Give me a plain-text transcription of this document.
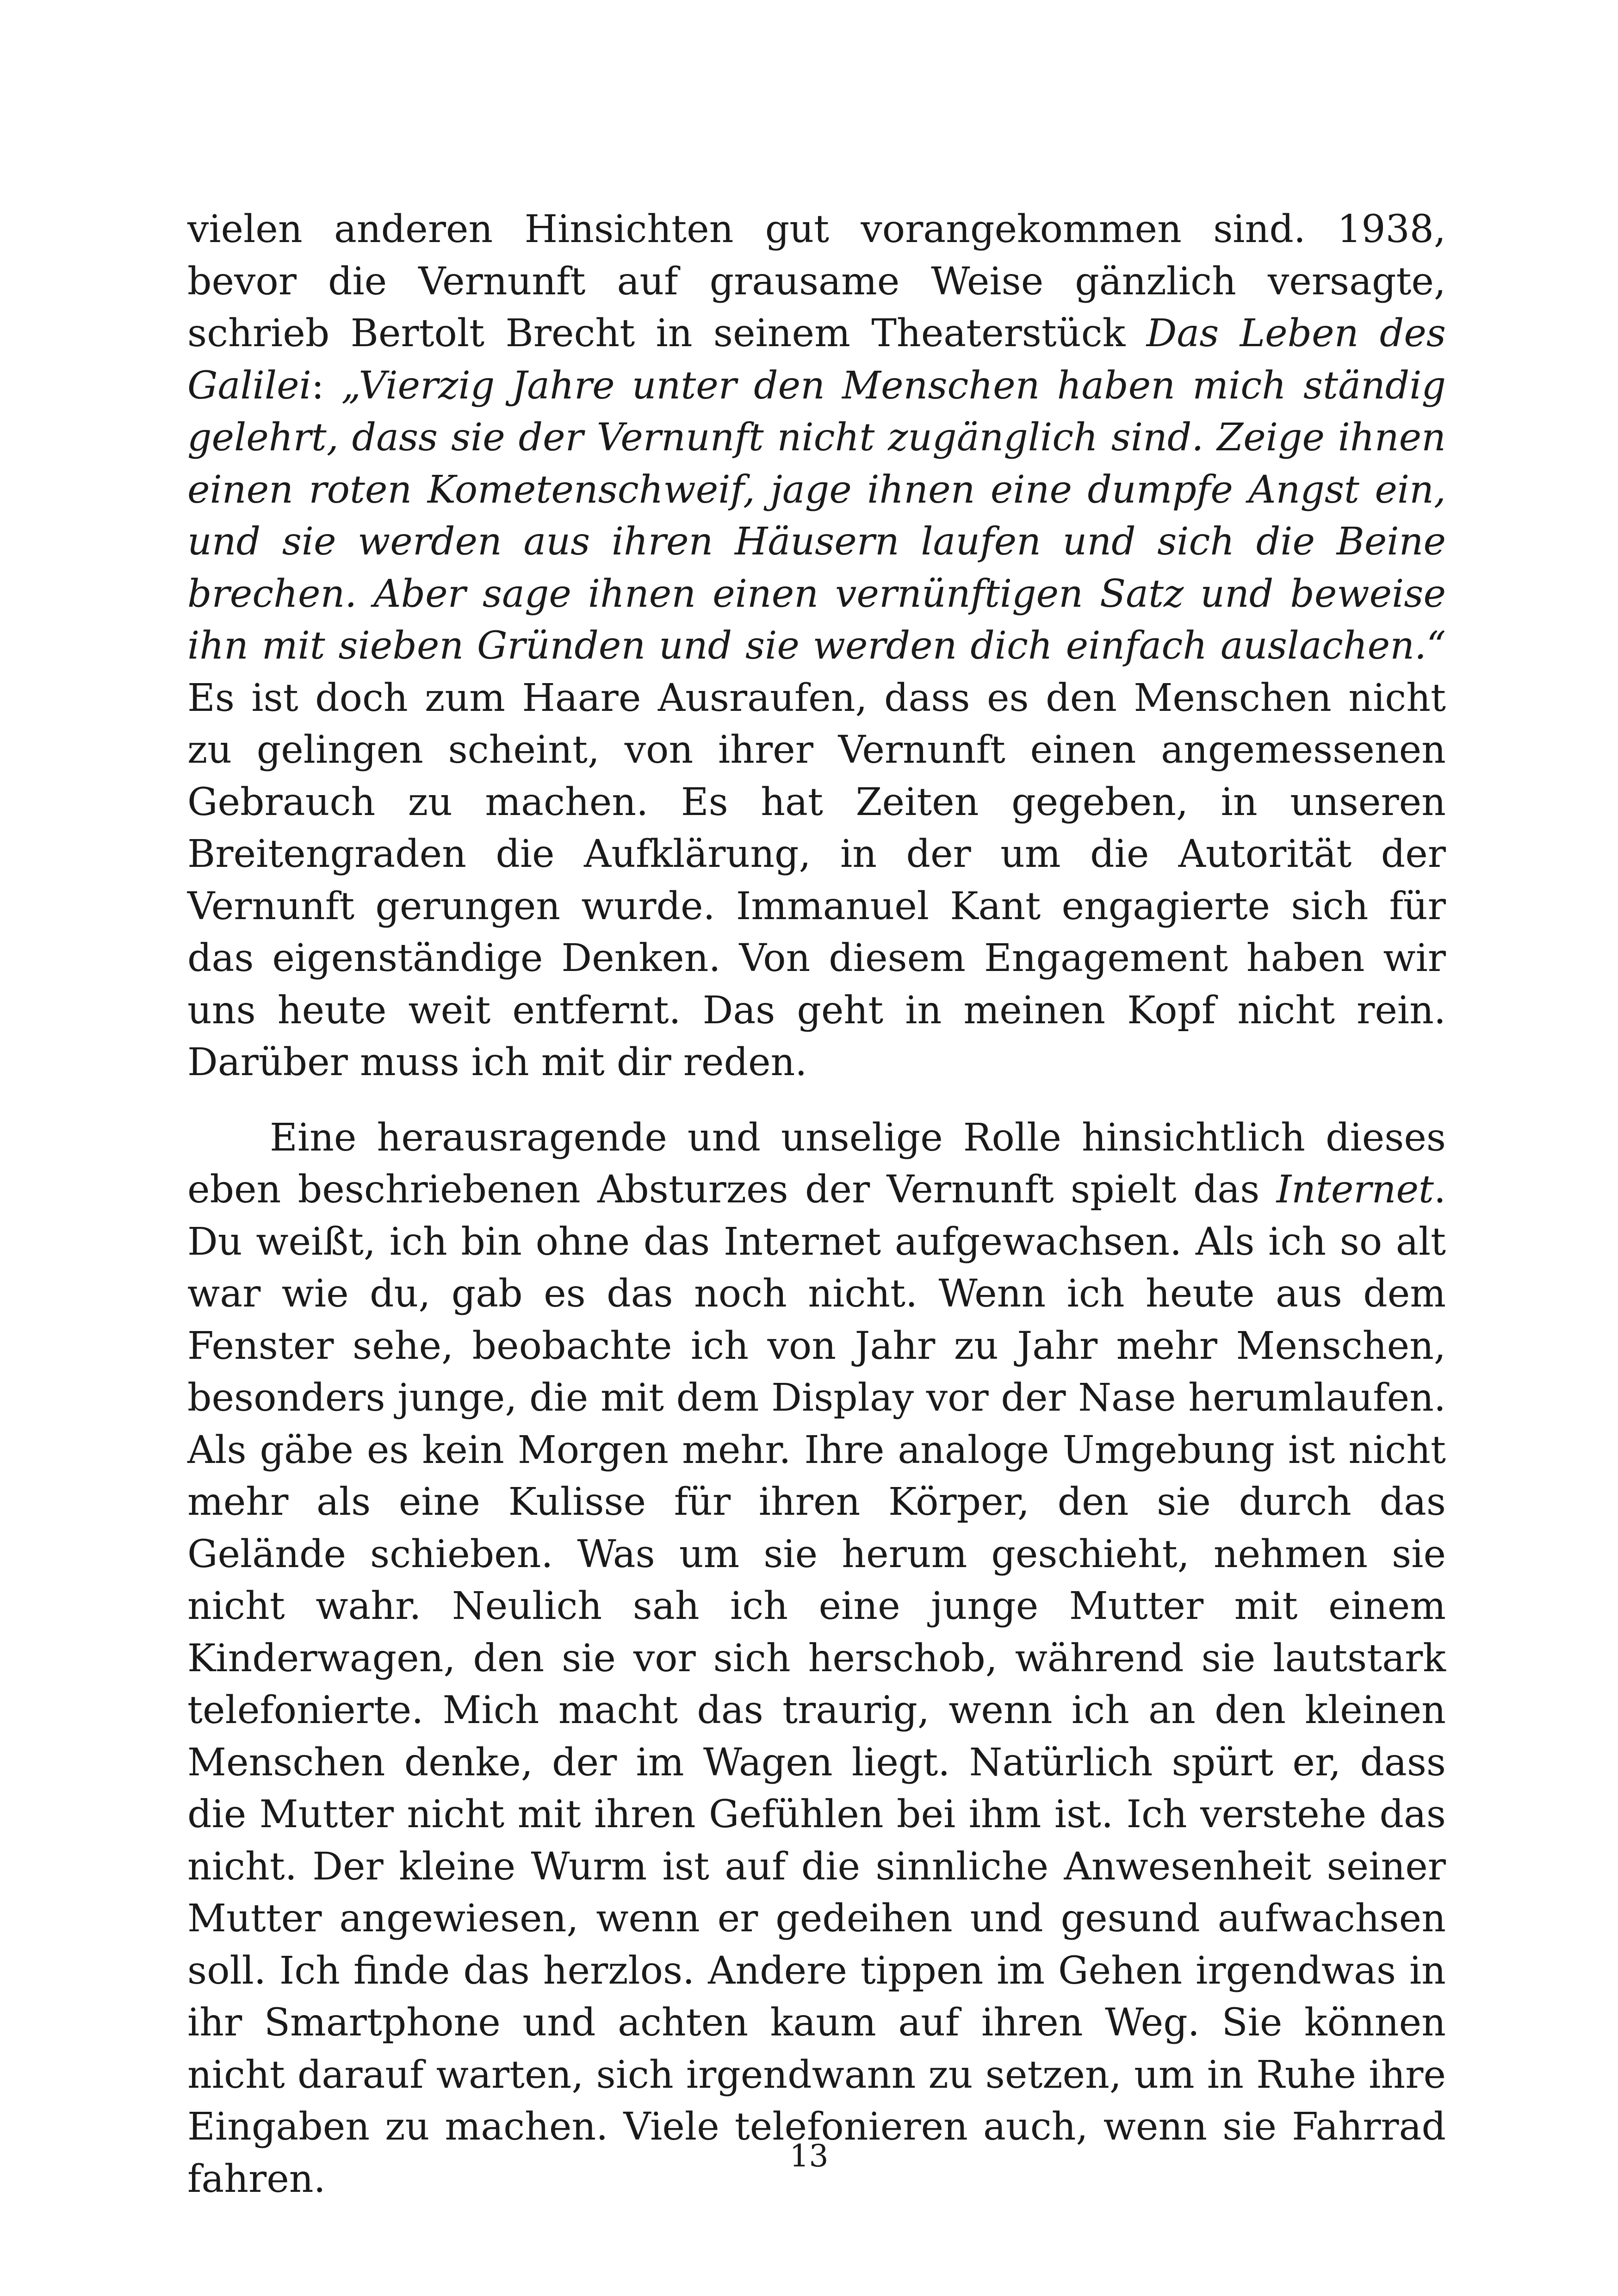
vielen anderen Hinsichten gut vorangekommen sind. 1938, bevor die Vernunft auf grausame Weise gänzlich versagte, schrieb Bertolt Brecht in seinem Theaterstück Das Leben des Galilei: „Vierzig Jahre unter den Menschen haben mich ständig gelehrt, dass sie der Vernunft nicht zugänglich sind. Zeige ihnen einen roten Kometenschweif, jage ihnen eine dumpfe Angst ein, und sie werden aus ihren Häusern laufen und sich die Beine brechen. Aber sage ihnen einen vernünftigen Satz und beweise ihn mit sieben Gründen und sie werden dich einfach auslachen.“ Es ist doch zum Haare Ausraufen, dass es den Menschen nicht zu gelingen scheint, von ihrer Vernunft einen angemessenen Gebrauch zu machen. Es hat Zeiten gegeben, in unseren Breitengraden die Aufklärung, in der um die Autorität der Vernunft gerungen wurde. Immanuel Kant engagierte sich für das eigenständige Denken. Von diesem Engagement haben wir uns heute weit entfernt. Das geht in meinen Kopf nicht rein. Darüber muss ich mit dir reden.

Eine herausragende und unselige Rolle hinsichtlich dieses eben beschriebenen Absturzes der Vernunft spielt das Internet. Du weißt, ich bin ohne das Internet aufgewachsen. Als ich so alt war wie du, gab es das noch nicht. Wenn ich heute aus dem Fenster sehe, beobachte ich von Jahr zu Jahr mehr Menschen, besonders junge, die mit dem Display vor der Nase herumlaufen. Als gäbe es kein Morgen mehr. Ihre analoge Umgebung ist nicht mehr als eine Kulisse für ihren Körper, den sie durch das Gelände schieben. Was um sie herum geschieht, nehmen sie nicht wahr. Neulich sah ich eine junge Mutter mit einem Kinderwagen, den sie vor sich herschob, während sie lautstark telefonierte. Mich macht das traurig, wenn ich an den kleinen Menschen denke, der im Wagen liegt. Natürlich spürt er, dass die Mutter nicht mit ihren Gefühlen bei ihm ist. Ich verstehe das nicht. Der kleine Wurm ist auf die sinnliche Anwesenheit seiner Mutter angewiesen, wenn er gedeihen und gesund aufwachsen soll. Ich finde das herzlos. Andere tippen im Gehen irgendwas in ihr Smartphone und achten kaum auf ihren Weg. Sie können nicht darauf warten, sich irgendwann zu setzen, um in Ruhe ihre Eingaben zu machen. Viele telefonieren auch, wenn sie Fahrrad fahren.

13
